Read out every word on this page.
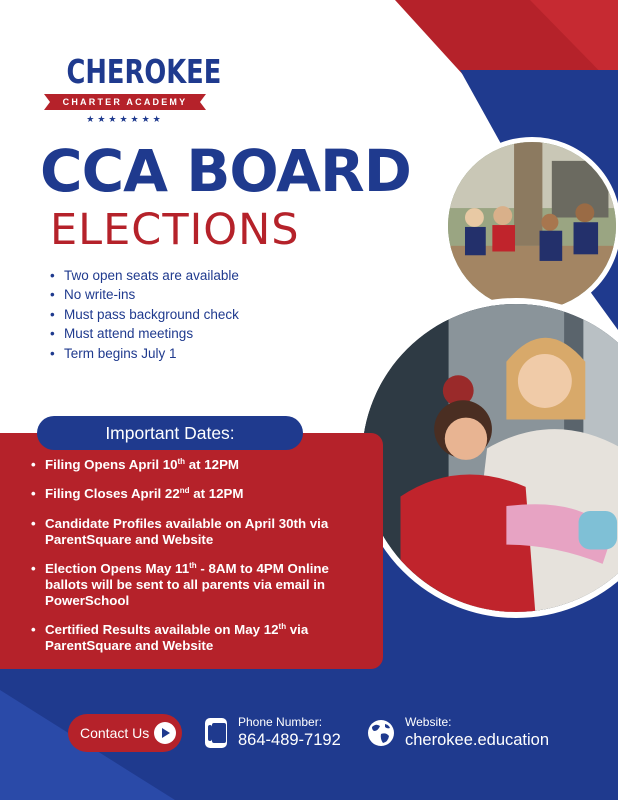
CHEROKEE
CHARTER ACADEMY
★★★★★★★
CCA BOARD
ELECTIONS
• Two open seats are available
• No write-ins
• Must pass background check
• Must attend meetings
• Term begins July 1
Important Dates:
• Filing Opens April 10th at 12PM
• Filing Closes April 22nd at 12PM
• Candidate Profiles available on April 30th via ParentSquare and Website
• Election Opens May 11th - 8AM to 4PM Online ballots will be sent to all parents via email in PowerSchool
• Certified Results available on May 12th via ParentSquare and Website
Contact Us
Phone Number:
864-489-7192
Website:
cherokee.education
